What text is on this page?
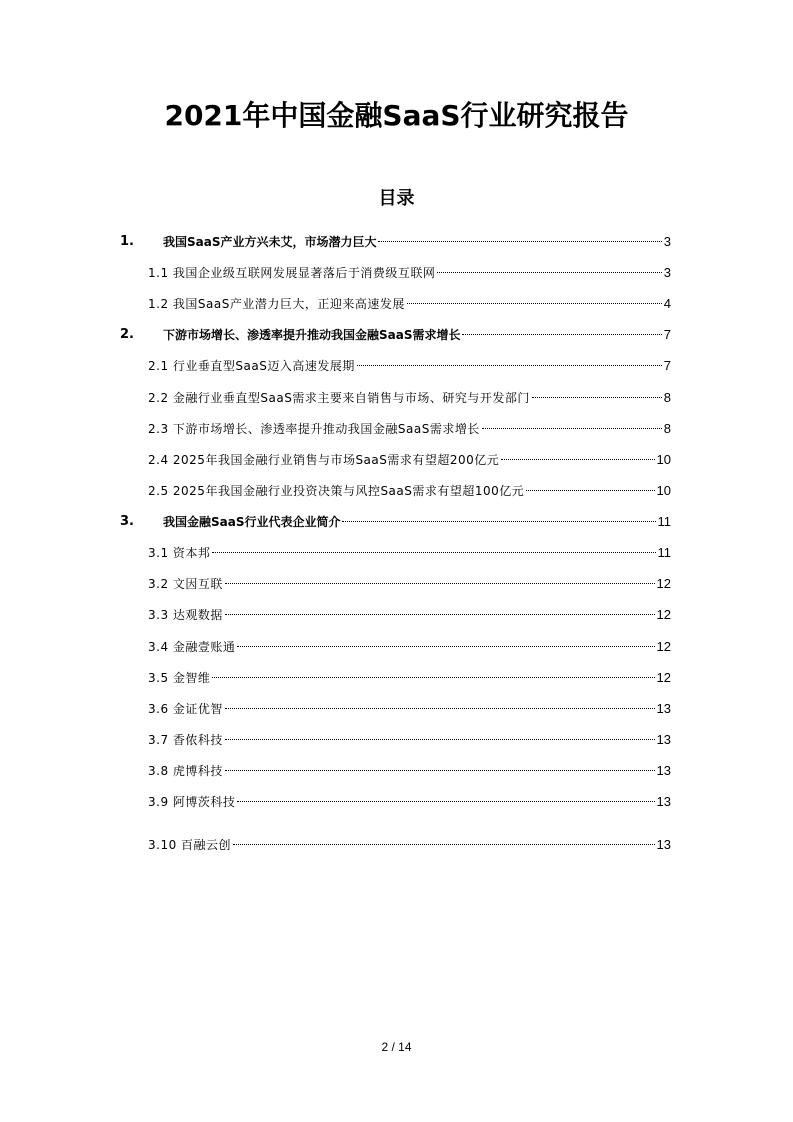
2021年中国金融SaaS行业研究报告
目录
1. 我国SaaS产业方兴未艾，市场潜力巨大	3
1.1 我国企业级互联网发展显著落后于消费级互联网	3
1.2 我国SaaS产业潜力巨大，正迎来高速发展	4
2. 下游市场增长、渗透率提升推动我国金融SaaS需求增长	7
2.1 行业垂直型SaaS迈入高速发展期	7
2.2 金融行业垂直型SaaS需求主要来自销售与市场、研究与开发部门	8
2.3 下游市场增长、渗透率提升推动我国金融SaaS需求增长	8
2.4 2025年我国金融行业销售与市场SaaS需求有望超200亿元	10
2.5 2025年我国金融行业投资决策与风控SaaS需求有望超100亿元	10
3. 我国金融SaaS行业代表企业简介	11
3.1 资本邦	11
3.2 文因互联	12
3.3 达观数据	12
3.4 金融壹账通	12
3.5 金智维	12
3.6 金证优智	13
3.7 香侬科技	13
3.8 虎博科技	13
3.9 阿博茨科技	13
3.10 百融云创	13
2 / 14
